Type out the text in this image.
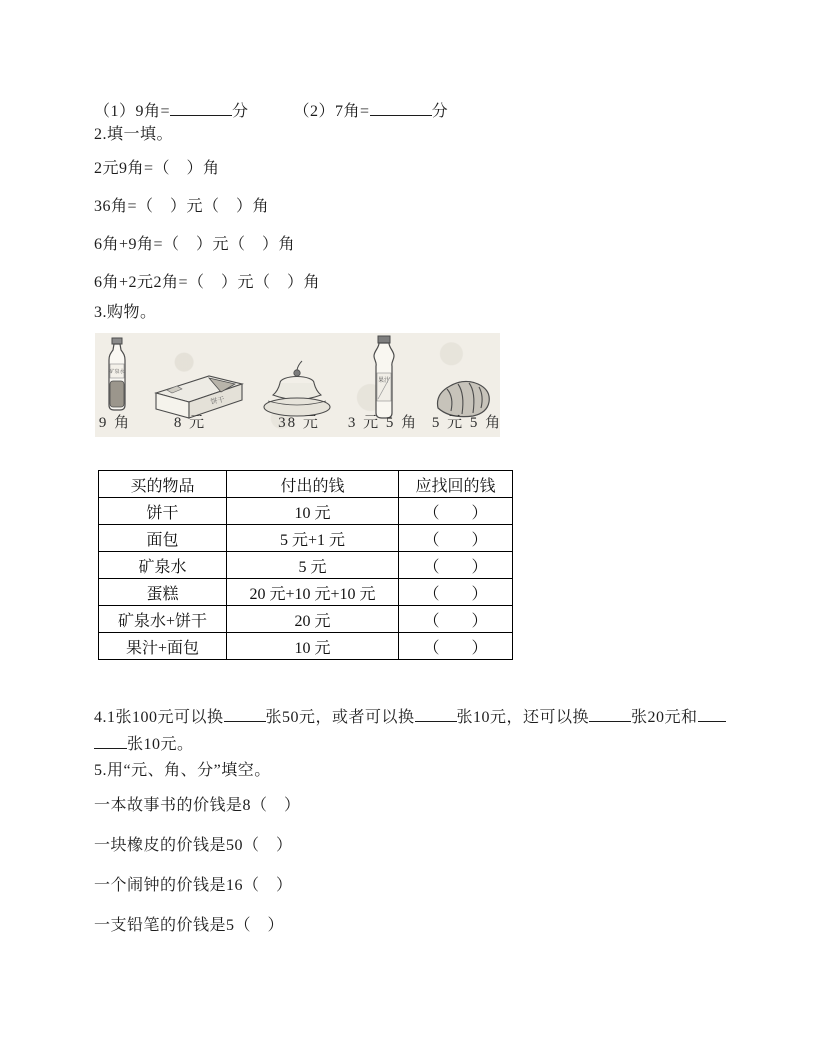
（1）9角=	分	（2）7角=	分
2.填一填。
2元9角=（　）角
36角=（　）元（　）角
6角+9角=（　）元（　）角
6角+2元2角=（　）元（　）角
3.购物。
矿泉水
饼干
果汁
9 角	8 元	38 元	3 元 5 角 5 元 5 角
买的物品	付出的钱	应找回的钱
饼干	10 元	（　　）
面包	5 元+1 元	（　　）
矿泉水	5 元	（　　）
蛋糕	20 元+10 元+10 元	（　　）
矿泉水+饼干	20 元	（　　）
果汁+面包	10 元	（　　）
4.1张100元可以换	张50元，或者可以换	张10元，还可以换	张20元和
张10元。
5.用“元、角、分”填空。
一本故事书的价钱是8（　）
一块橡皮的价钱是50（　）
一个闹钟的价钱是16（　）
一支铅笔的价钱是5（　）
